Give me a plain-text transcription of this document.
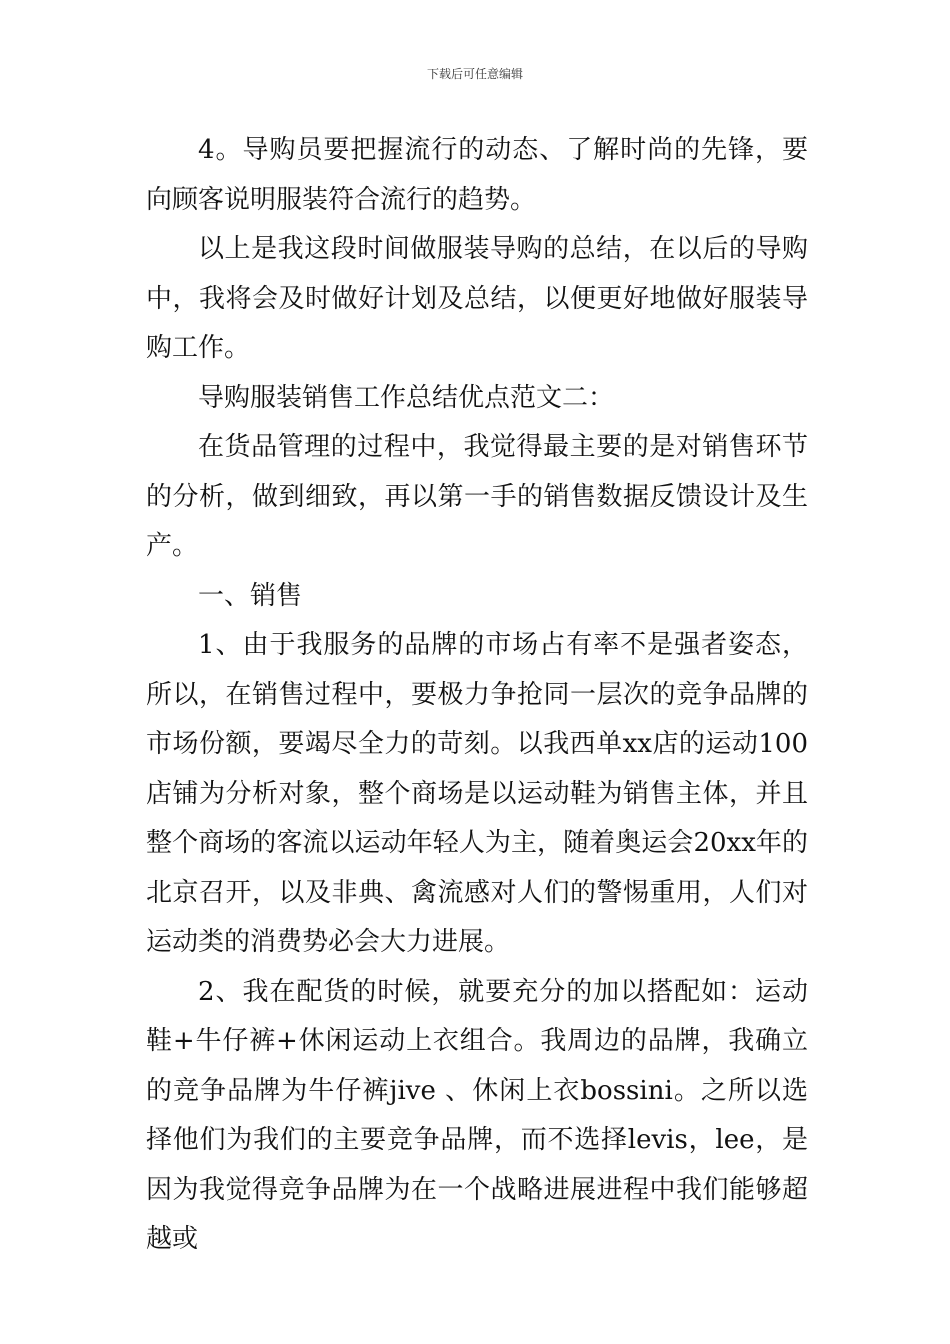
下载后可任意编辑

4。导购员要把握流行的动态、了解时尚的先锋，要向顾客说明服装符合流行的趋势。

以上是我这段时间做服装导购的总结，在以后的导购中，我将会及时做好计划及总结，以便更好地做好服装导购工作。

导购服装销售工作总结优点范文二：

在货品管理的过程中，我觉得最主要的是对销售环节的分析，做到细致，再以第一手的销售数据反馈设计及生产。

一、销售

1、由于我服务的品牌的市场占有率不是强者姿态，所以，在销售过程中，要极力争抢同一层次的竞争品牌的市场份额，要竭尽全力的苛刻。以我西单xx店的运动100店铺为分析对象，整个商场是以运动鞋为销售主体，并且整个商场的客流以运动年轻人为主，随着奥运会20xx年的北京召开，以及非典、禽流感对人们的警惕重用，人们对运动类的消费势必会大力进展。

2、我在配货的时候，就要充分的加以搭配如：运动鞋+牛仔裤+休闲运动上衣组合。我周边的品牌，我确立的竞争品牌为牛仔裤jive 、休闲上衣bossini。之所以选择他们为我们的主要竞争品牌，而不选择levis，lee，是因为我觉得竞争品牌为在一个战略进展进程中我们能够超越或
